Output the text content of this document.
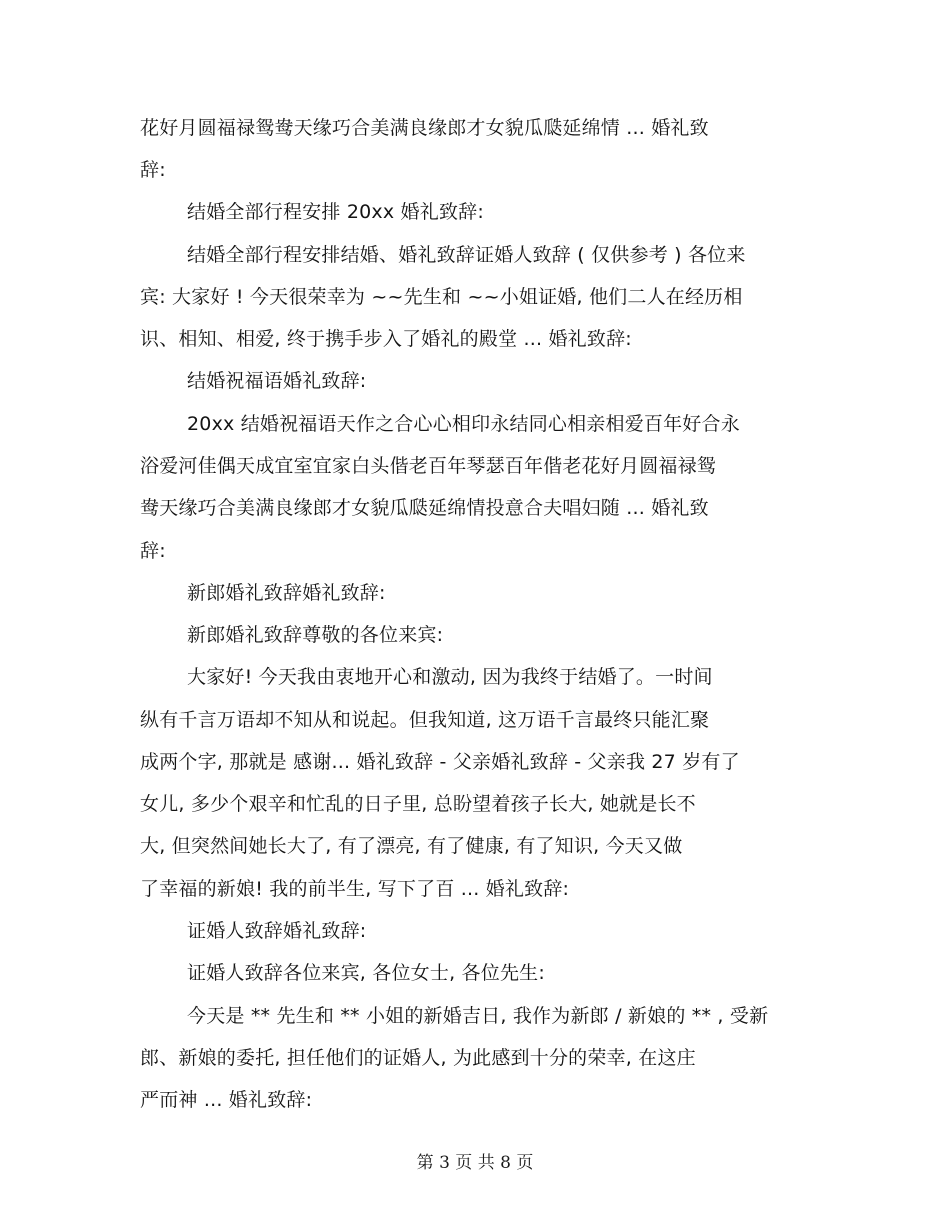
花好月圆福禄鸳鸯天缘巧合美满良缘郎才女貌瓜瓞延绵情 ... 婚礼致
辞:
结婚全部行程安排 20xx 婚礼致辞:
结婚全部行程安排结婚、婚礼致辞证婚人致辞 ( 仅供参考 ) 各位来
宾: 大家好 ! 今天很荣幸为 ~~先生和 ~~小姐证婚, 他们二人在经历相
识、相知、相爱, 终于携手步入了婚礼的殿堂 ... 婚礼致辞:
结婚祝福语婚礼致辞:
20xx 结婚祝福语天作之合心心相印永结同心相亲相爱百年好合永
浴爱河佳偶天成宜室宜家白头偕老百年琴瑟百年偕老花好月圆福禄鸳
鸯天缘巧合美满良缘郎才女貌瓜瓞延绵情投意合夫唱妇随 ... 婚礼致
辞:
新郎婚礼致辞婚礼致辞:
新郎婚礼致辞尊敬的各位来宾:
大家好! 今天我由衷地开心和激动, 因为我终于结婚了。一时间
纵有千言万语却不知从和说起。但我知道, 这万语千言最终只能汇聚
成两个字, 那就是 感谢... 婚礼致辞 - 父亲婚礼致辞 - 父亲我 27 岁有了
女儿, 多少个艰辛和忙乱的日子里, 总盼望着孩子长大, 她就是长不
大, 但突然间她长大了, 有了漂亮, 有了健康, 有了知识, 今天又做
了幸福的新娘! 我的前半生, 写下了百 ... 婚礼致辞:
证婚人致辞婚礼致辞:
证婚人致辞各位来宾, 各位女士, 各位先生:
今天是 ** 先生和 ** 小姐的新婚吉日, 我作为新郎 / 新娘的 ** , 受新
郎、新娘的委托, 担任他们的证婚人, 为此感到十分的荣幸, 在这庄
严而神 ... 婚礼致辞:
第 3 页 共 8 页
